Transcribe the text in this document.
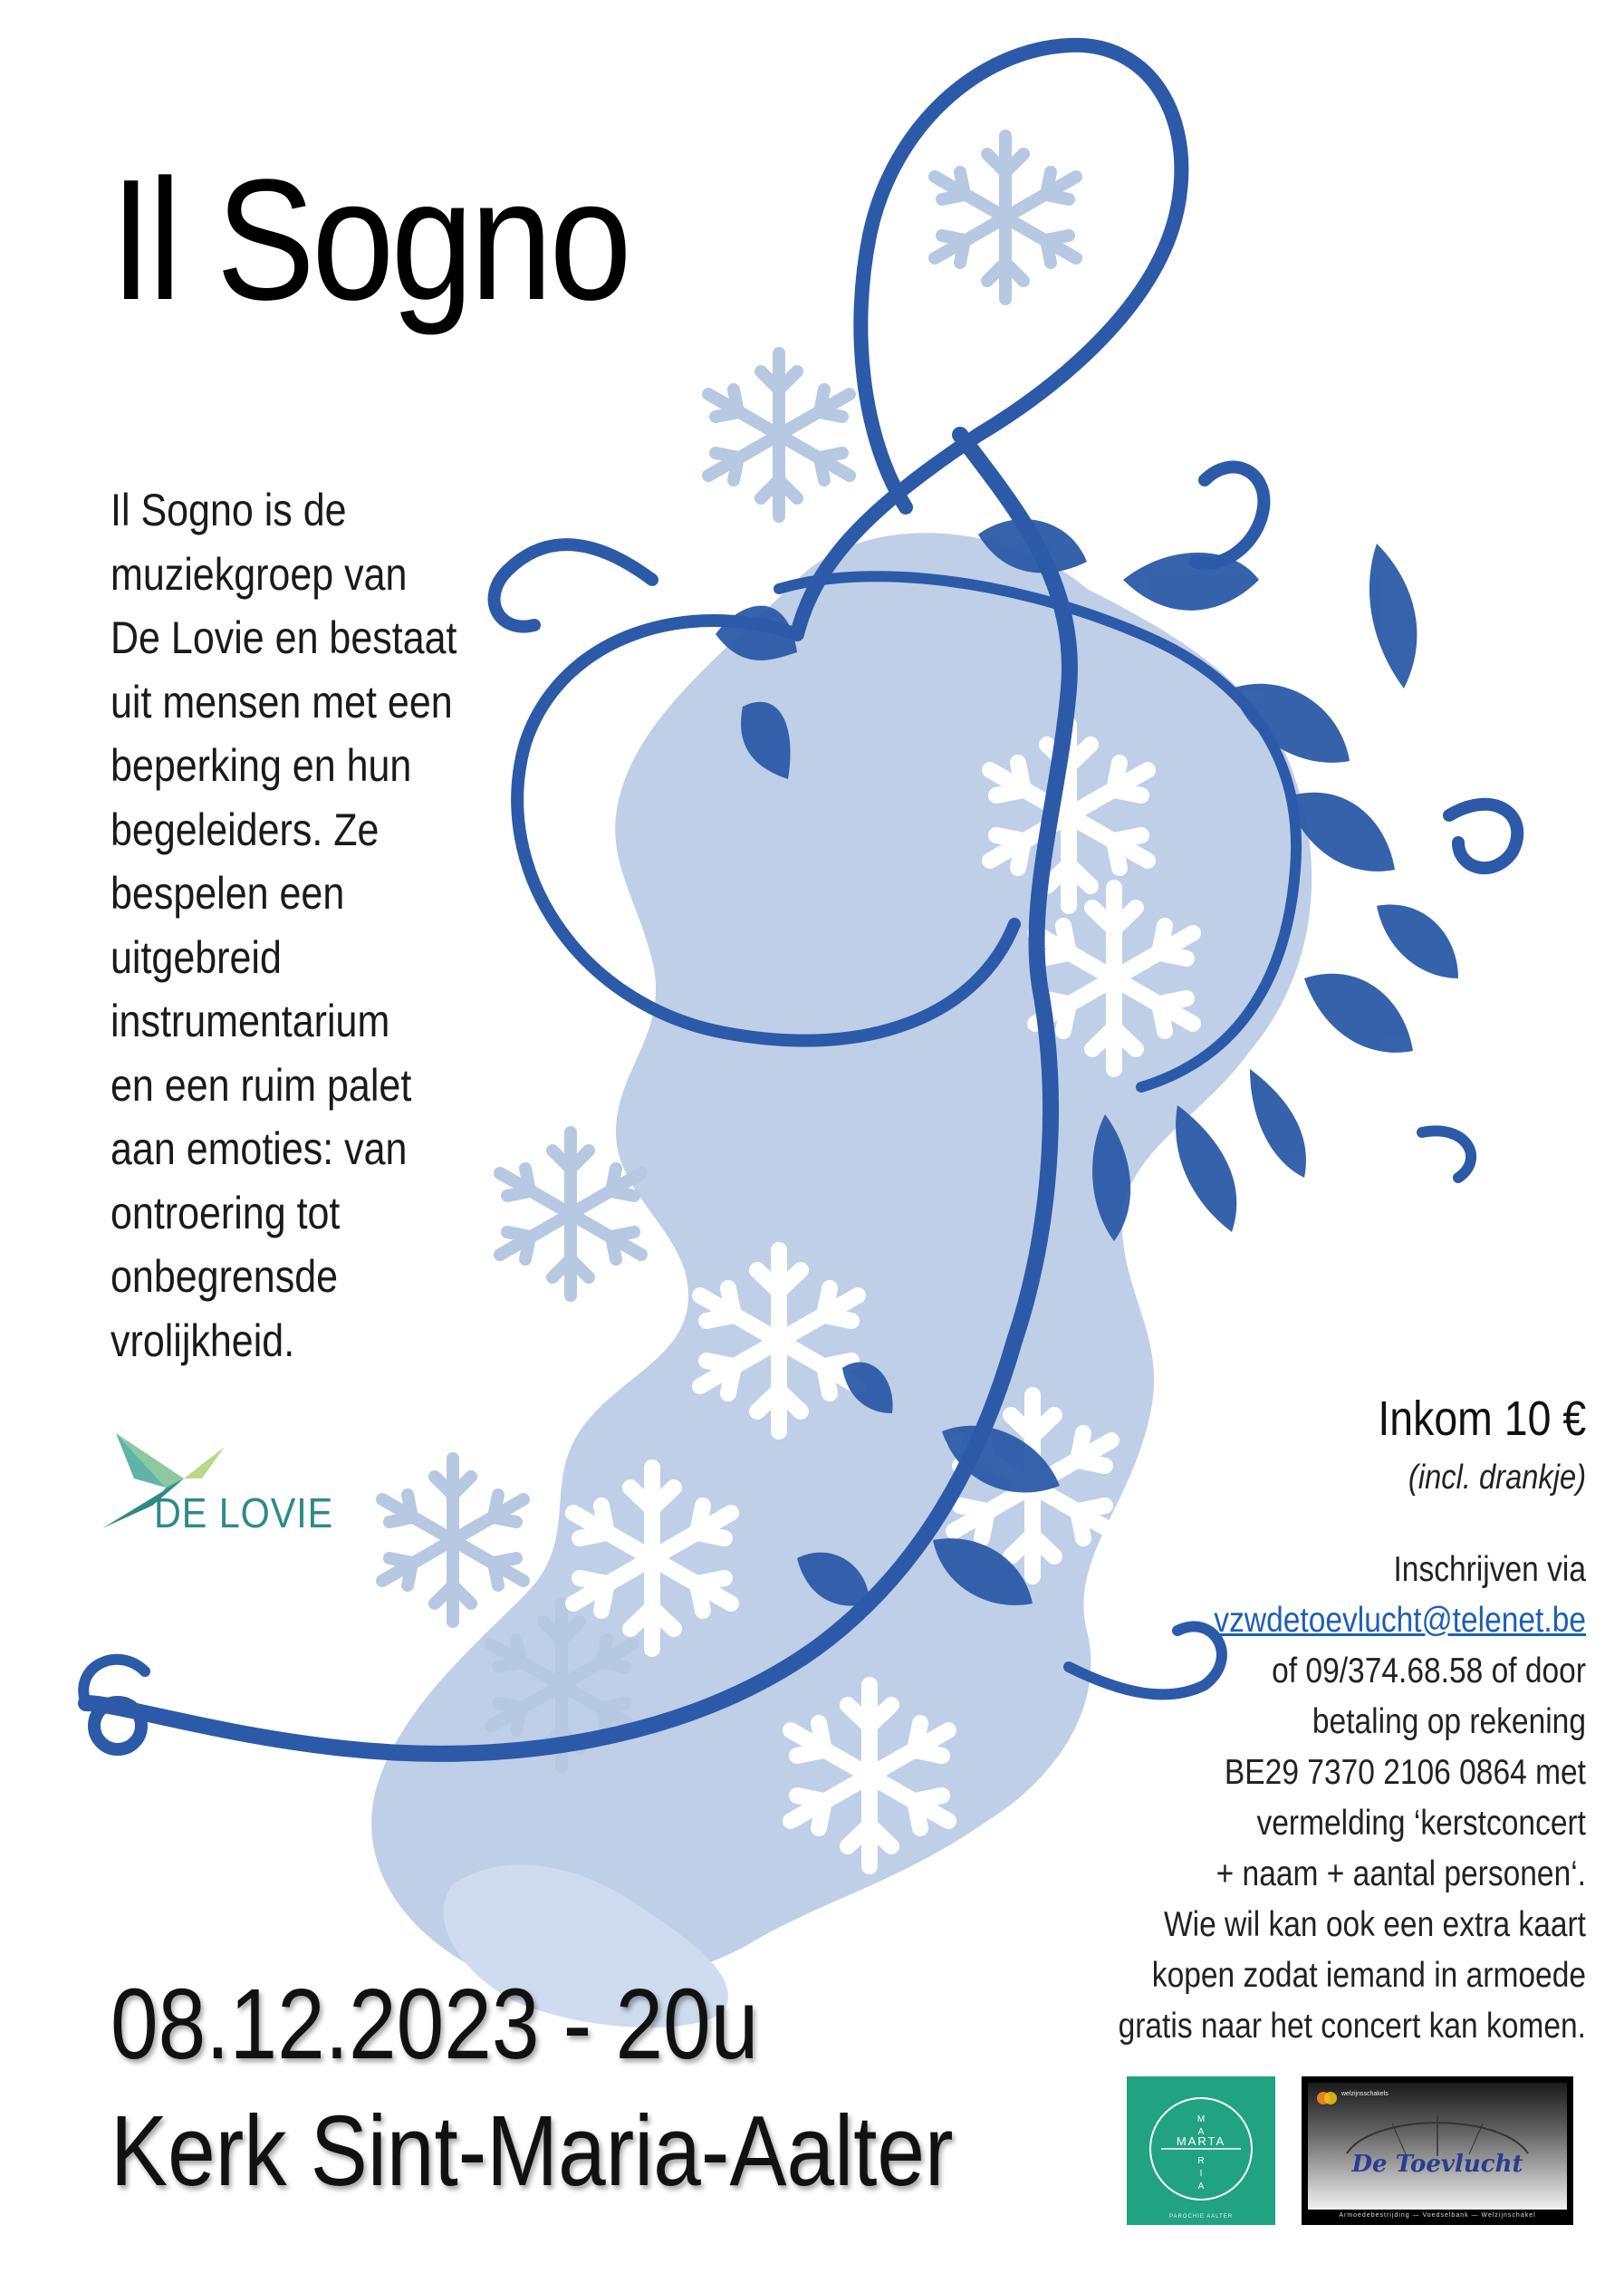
Il Sogno
Il Sogno is de
muziekgroep van
De Lovie en bestaat
uit mensen met een
beperking en hun
begeleiders. Ze
bespelen een
uitgebreid
instrumentarium
en een ruim palet
aan emoties: van
ontroering tot
onbegrensde
vrolijkheid.
DE LOVIE
Inkom 10 €
(incl. drankje)
Inschrijven via
vzwdetoevlucht@telenet.be
of 09/374.68.58 of door
betaling op rekening
BE29 7370 2106 0864 met
vermelding ‘kerstconcert
+ naam + aantal personen‘.
Wie wil kan ook een extra kaart
kopen zodat iemand in armoede
gratis naar het concert kan komen.
08.12.2023 - 20u
Kerk Sint-Maria-Aalter	M
A
MARTA
R
I
A
PAROCHIE AALTER
welzijnsschakels
De Toevlucht
Armoedebestrijding — Voedselbank — Welzijnschakel
